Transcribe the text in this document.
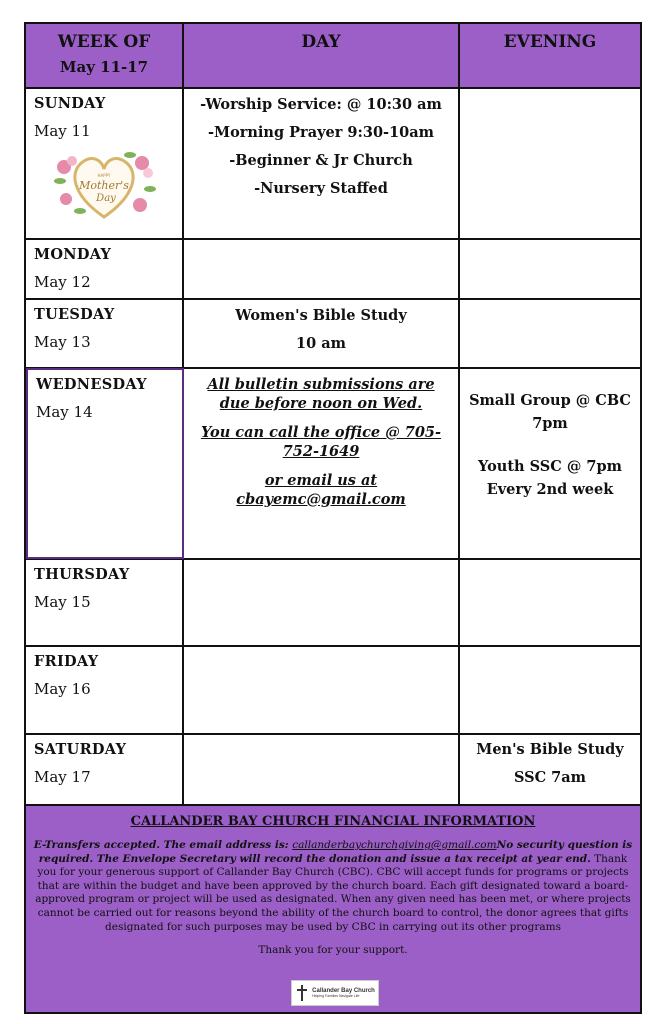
WEEK OF
May 11-17
DAY	EVENING
SUNDAY
May 11
HAPPY
Mother's
Day
-Worship Service: @ 10:30 am
-Morning Prayer 9:30-10am
-Beginner & Jr Church
-Nursery Staffed
MONDAY
May 12
TUESDAY
May 13
Women's Bible Study
10 am
WEDNESDAY
May 14
All bulletin submissions are due before noon on Wed.
You can call the office @ 705-752-1649
or email us at cbayemc@gmail.com
Small Group @ CBC
7pm
Youth SSC @ 7pm
Every 2nd week
THURSDAY
May 15
FRIDAY
May 16
SATURDAY
May 17
Men's Bible Study
SSC 7am
CALLANDER BAY CHURCH FINANCIAL INFORMATION
E-Transfers accepted. The email address is: callanderbaychurchgiving@gmail.comNo security question is required. The Envelope Secretary will record the donation and issue a tax receipt at year end. Thank you for your generous support of Callander Bay Church (CBC). CBC will accept funds for programs or projects that are within the budget and have been approved by the church board. Each gift designated toward a board-approved program or project will be used as designated. When any given need has been met, or where projects cannot be carried out for reasons beyond the ability of the church board to control, the donor agrees that gifts designated for such purposes may be used by CBC in carrying out its other programs
Thank you for your support.
Callander Bay Church
Helping Families Navigate Life
